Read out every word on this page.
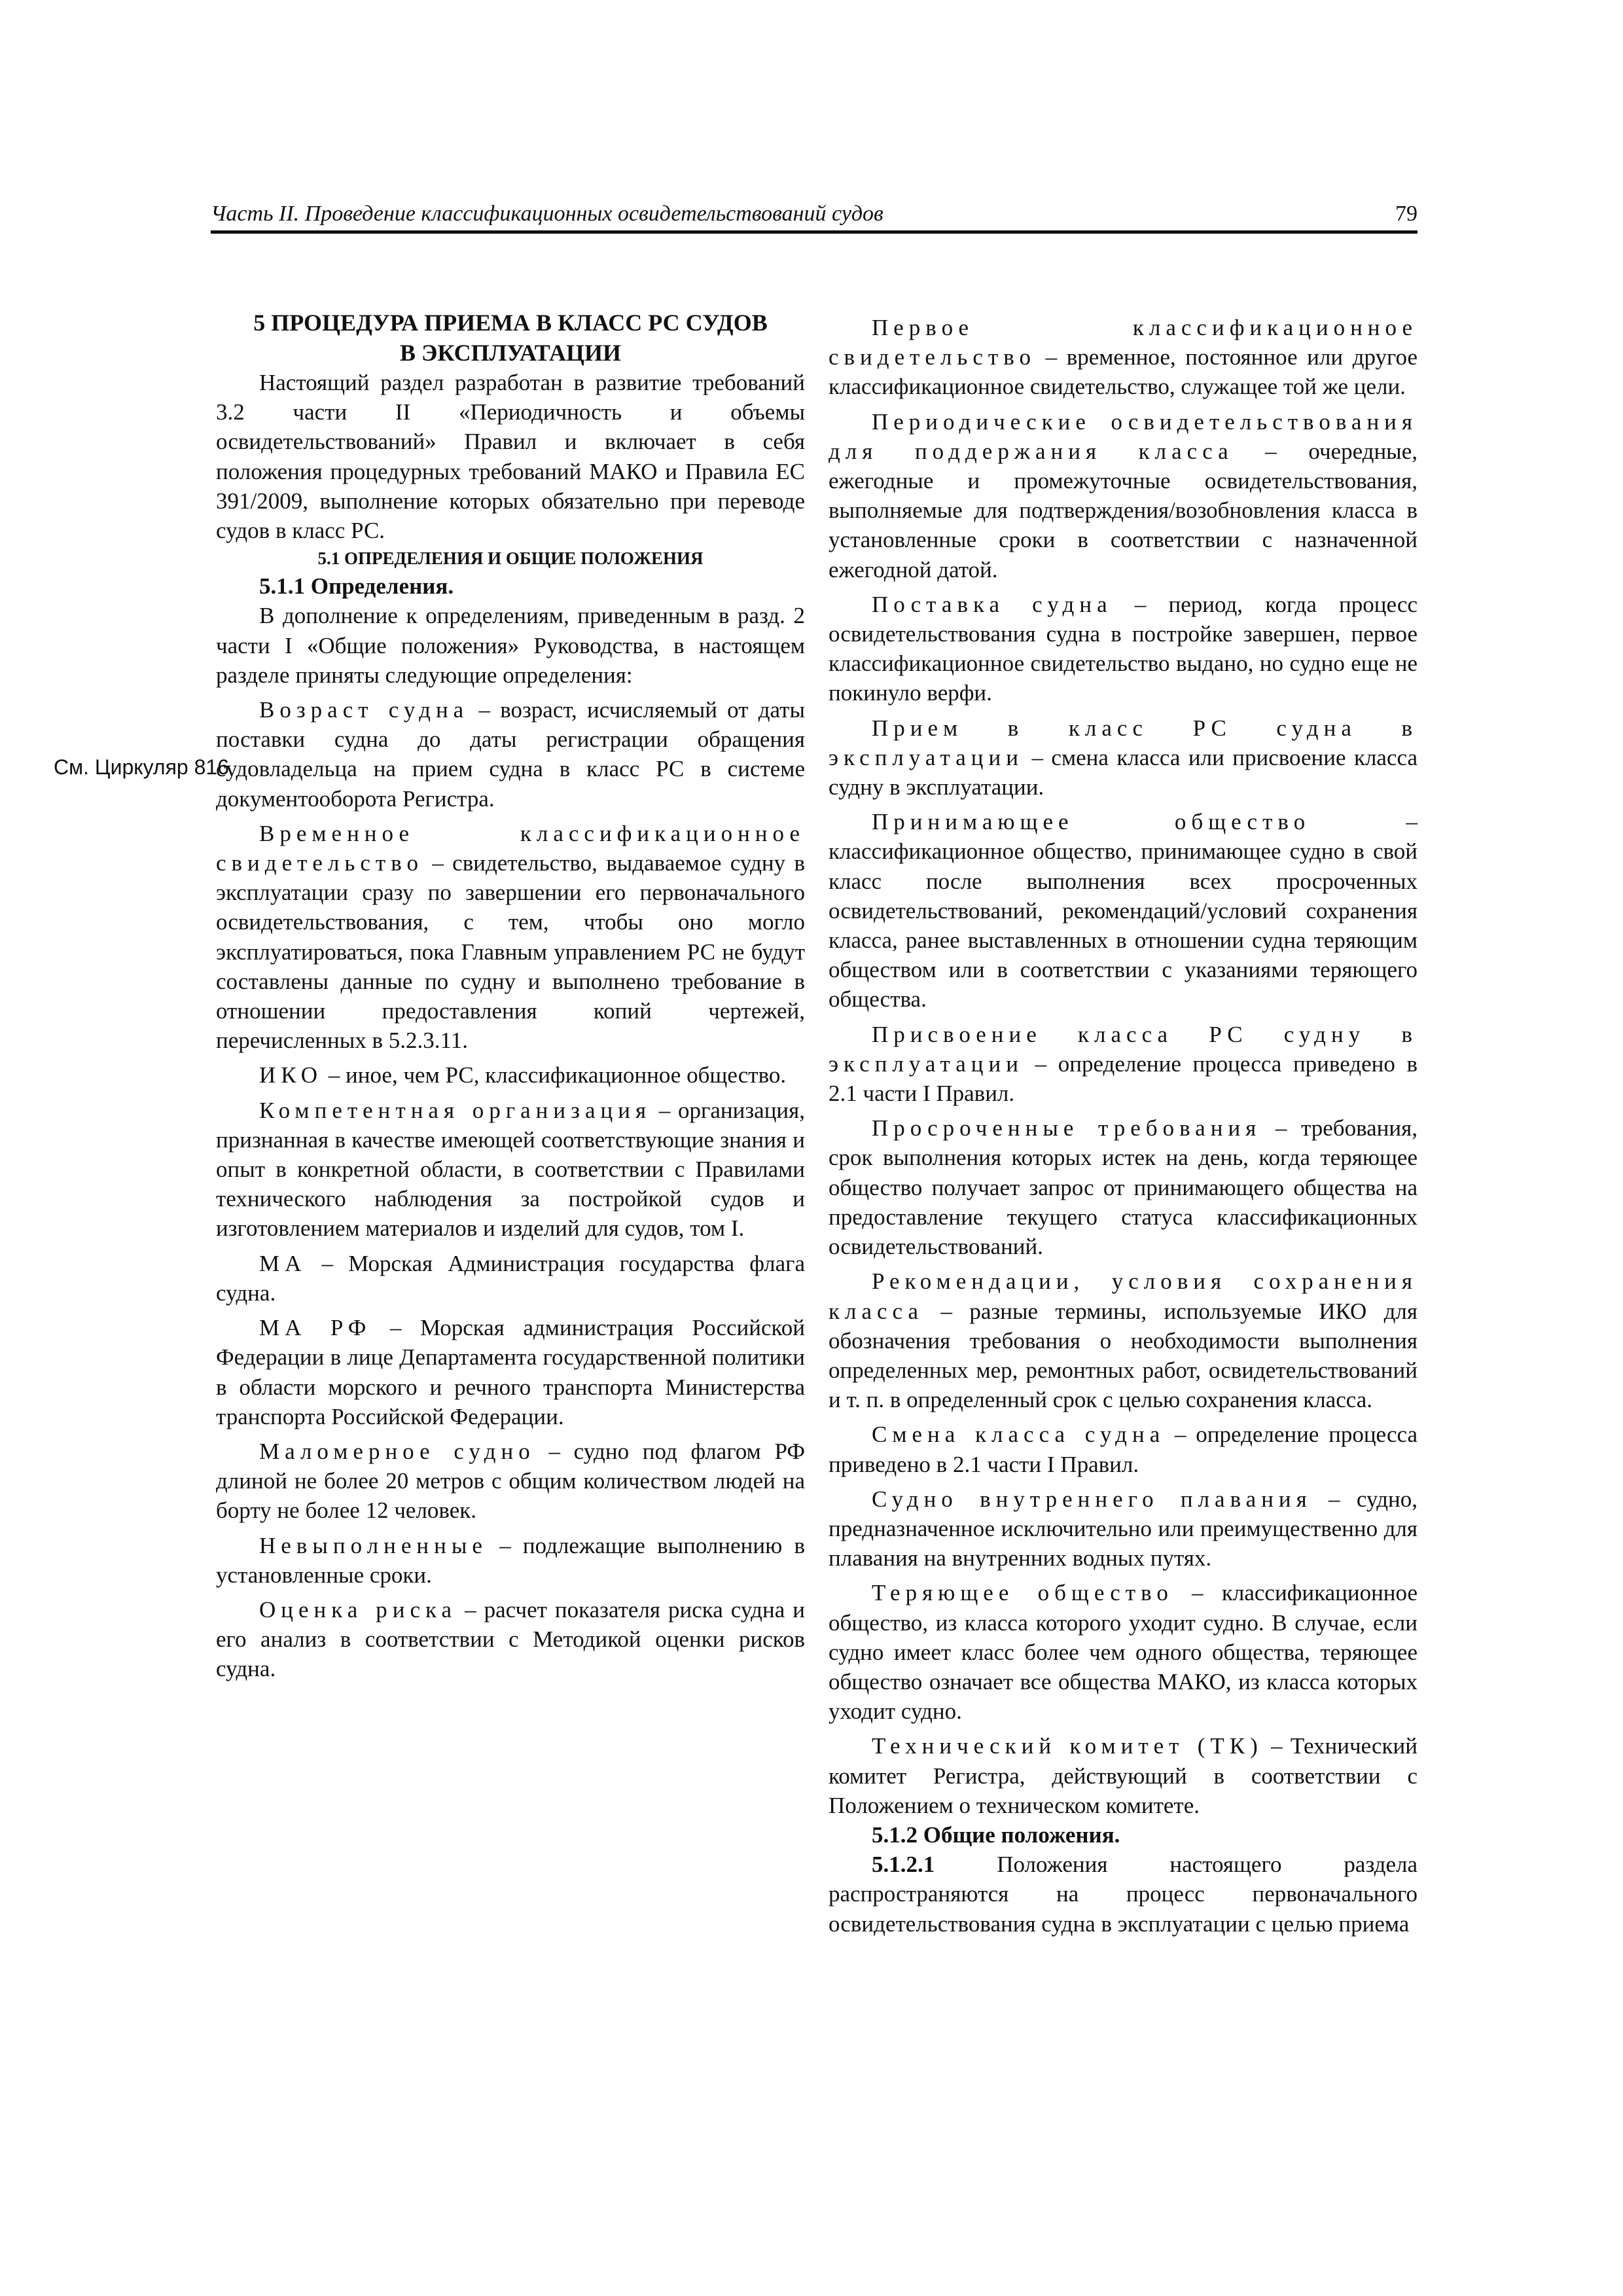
Часть II. Проведение классификационных освидетельствований судов	79
См. Циркуляр 816

5 ПРОЦЕДУРА ПРИЕМА В КЛАСС РС СУДОВ
В ЭКСПЛУАТАЦИИ

Настоящий раздел разработан в развитие требований 3.2 части II «Периодичность и объемы освидетельствований» Правил и включает в себя положения процедурных требований МАКО и Правила ЕС 391/2009, выполнение которых обязательно при переводе судов в класс РС.

5.1 ОПРЕДЕЛЕНИЯ И ОБЩИЕ ПОЛОЖЕНИЯ

5.1.1 Определения.

В дополнение к определениям, приведенным в разд. 2 части I «Общие положения» Руководства, в настоящем разделе приняты следующие определения:

Возраст судна – возраст, исчисляемый от даты поставки судна до даты регистрации обращения судовладельца на прием судна в класс РС в системе документооборота Регистра.

Временное классификационное свидетельство – свидетельство, выдаваемое судну в эксплуатации сразу по завершении его первоначального освидетельствования, с тем, чтобы оно могло эксплуатироваться, пока Главным управлением РС не будут составлены данные по судну и выполнено требование в отношении предоставления копий чертежей, перечисленных в 5.2.3.11.

ИКО – иное, чем РС, классификационное общество.

Компетентная организация – организация, признанная в качестве имеющей соответствующие знания и опыт в конкретной области, в соответствии с Правилами технического наблюдения за постройкой судов и изготовлением материалов и изделий для судов, том I.

МА – Морская Администрация государства флага судна.

МА РФ – Морская администрация Российской Федерации в лице Департамента государственной политики в области морского и речного транспорта Министерства транспорта Российской Федерации.

Маломерное судно – судно под флагом РФ длиной не более 20 метров с общим количеством людей на борту не более 12 человек.

Невыполненные – подлежащие выполнению в установленные сроки.

Оценка риска – расчет показателя риска судна и его анализ в соответствии с Методикой оценки рисков судна.

Первое классификационное свидетельство – временное, постоянное или другое классификационное свидетельство, служащее той же цели.

Периодические освидетельствования для поддержания класса – очередные, ежегодные и промежуточные освидетельствования, выполняемые для подтверждения/возобновления класса в установленные сроки в соответствии с назначенной ежегодной датой.

Поставка судна – период, когда процесс освидетельствования судна в постройке завершен, первое классификационное свидетельство выдано, но судно еще не покинуло верфи.

Прием в класс РС судна в эксплуатации – смена класса или присвоение класса судну в эксплуатации.

Принимающее общество – классификационное общество, принимающее судно в свой класс после выполнения всех просроченных освидетельствований, рекомендаций/условий сохранения класса, ранее выставленных в отношении судна теряющим обществом или в соответствии с указаниями теряющего общества.

Присвоение класса РС судну в эксплуатации – определение процесса приведено в 2.1 части I Правил.

Просроченные требования – требования, срок выполнения которых истек на день, когда теряющее общество получает запрос от принимающего общества на предоставление текущего статуса классификационных освидетельствований.

Рекомендации, условия сохранения класса – разные термины, используемые ИКО для обозначения требования о необходимости выполнения определенных мер, ремонтных работ, освидетельствований и т. п. в определенный срок с целью сохранения класса.

Смена класса судна – определение процесса приведено в 2.1 части I Правил.

Судно внутреннего плавания – судно, предназначенное исключительно или преимущественно для плавания на внутренних водных путях.

Теряющее общество – классификационное общество, из класса которого уходит судно. В случае, если судно имеет класс более чем одного общества, теряющее общество означает все общества МАКО, из класса которых уходит судно.

Технический комитет (ТК) – Технический комитет Регистра, действующий в соответствии с Положением о техническом комитете.

5.1.2 Общие положения.

5.1.2.1 Положения настоящего раздела распространяются на процесс первоначального освидетельствования судна в эксплуатации с целью приема
